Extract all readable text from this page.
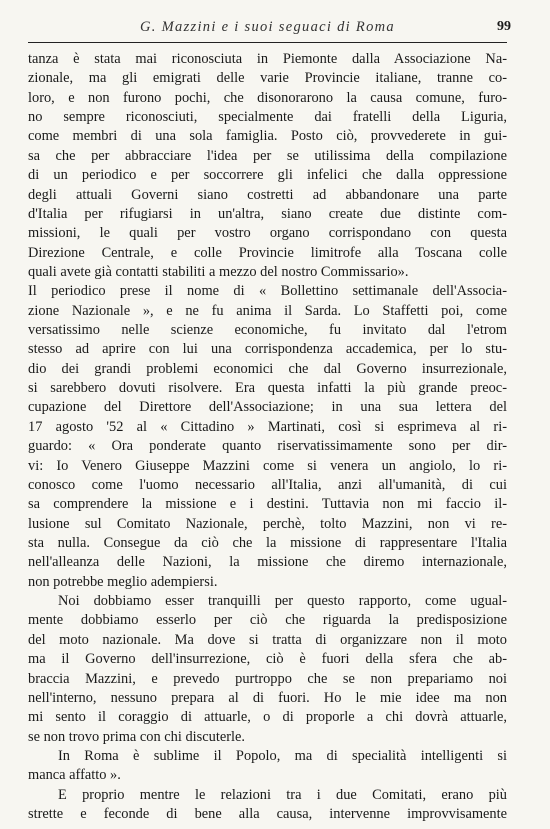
G. Mazzini e i suoi seguaci di Roma	99
tanza è stata mai riconosciuta in Piemonte dalla Associazione Na-
zionale, ma gli emigrati delle varie Provincie italiane, tranne co-
loro, e non furono pochi, che disonorarono la causa comune, furo-
no sempre riconosciuti, specialmente dai fratelli della Liguria,
come membri di una sola famiglia. Posto ciò, provvederete in gui-
sa che per abbracciare l'idea per se utilissima della compilazione
di un periodico e per soccorrere gli infelici che dalla oppressione
degli attuali Governi siano costretti ad abbandonare una parte
d'Italia per rifugiarsi in un'altra, siano create due distinte com-
missioni, le quali per vostro organo corrispondano con questa
Direzione Centrale, e colle Provincie limitrofe alla Toscana colle
quali avete già contatti stabiliti a mezzo del nostro Commissario».
Il periodico prese il nome di « Bollettino settimanale dell'Associa-
zione Nazionale », e ne fu anima il Sarda. Lo Staffetti poi, come
versatissimo nelle scienze economiche, fu invitato dal l'etrom
stesso ad aprire con lui una corrispondenza accademica, per lo stu-
dio dei grandi problemi economici che dal Governo insurrezionale,
si sarebbero dovuti risolvere. Era questa infatti la più grande preoc-
cupazione del Direttore dell'Associazione; in una sua lettera del
17 agosto '52 al « Cittadino » Martinati, così si esprimeva al ri-
guardo: « Ora ponderate quanto riservatissimamente sono per dir-
vi: Io Venero Giuseppe Mazzini come si venera un angiolo, lo ri-
conosco come l'uomo necessario all'Italia, anzi all'umanità, di cui
sa comprendere la missione e i destini. Tuttavia non mi faccio il-
lusione sul Comitato Nazionale, perchè, tolto Mazzini, non vi re-
sta nulla. Consegue da ciò che la missione di rappresentare l'Italia
nell'alleanza delle Nazioni, la missione che diremo internazionale,
non potrebbe meglio adempiersi.
Noi dobbiamo esser tranquilli per questo rapporto, come ugual-
mente dobbiamo esserlo per ciò che riguarda la predisposizione
del moto nazionale. Ma dove si tratta di organizzare non il moto
ma il Governo dell'insurrezione, ciò è fuori della sfera che ab-
braccia Mazzini, e prevedo purtroppo che se non prepariamo noi
nell'interno, nessuno prepara al di fuori. Ho le mie idee ma non
mi sento il coraggio di attuarle, o di proporle a chi dovrà attuarle,
se non trovo prima con chi discuterle.
In Roma è sublime il Popolo, ma di specialità intelligenti si
manca affatto ».
E proprio mentre le relazioni tra i due Comitati, erano più
strette e feconde di bene alla causa, intervenne improvvisamente
